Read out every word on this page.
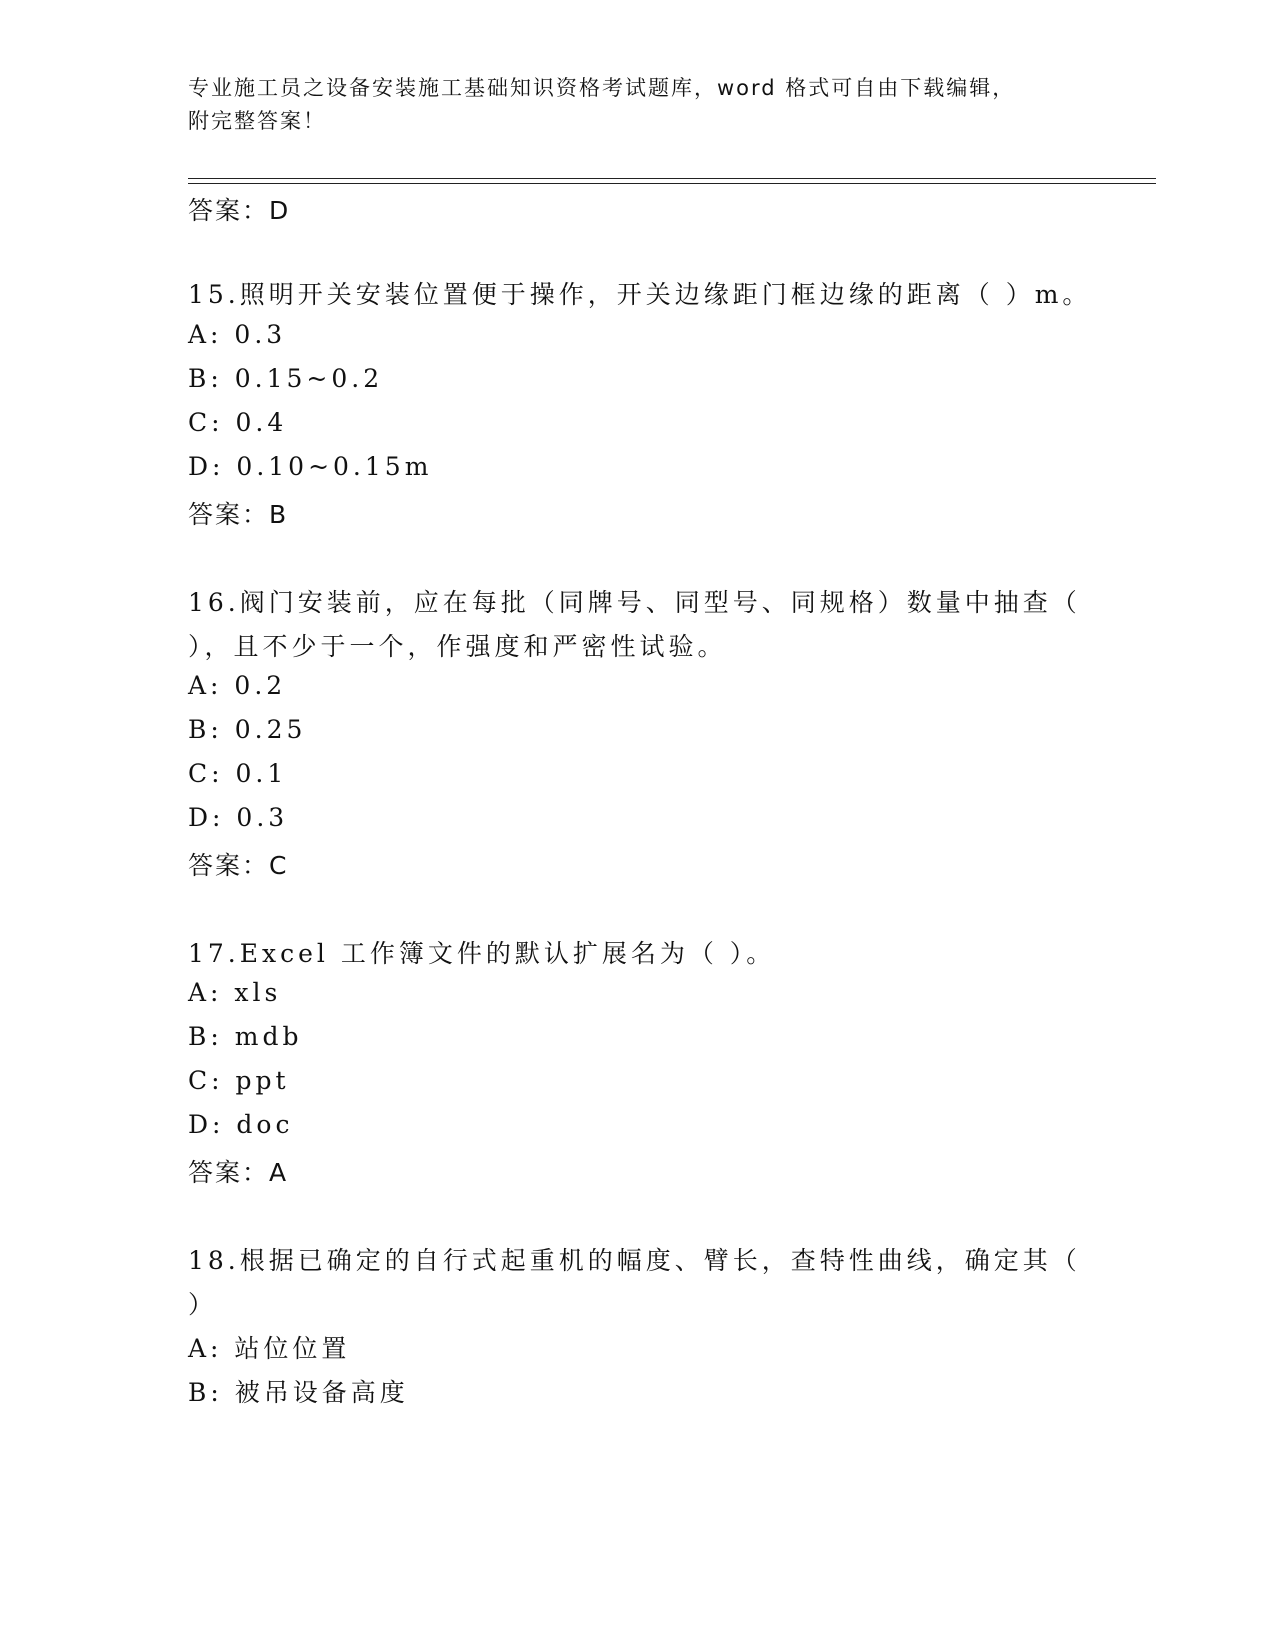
专业施工员之设备安装施工基础知识资格考试题库，word 格式可自由下载编辑，
附完整答案！
答案：D
15.照明开关安装位置便于操作，开关边缘距门框边缘的距离（ ）m。
A: 0.3
B: 0.15~0.2
C: 0.4
D: 0.10~0.15m
答案：B
16.阀门安装前，应在每批（同牌号、同型号、同规格）数量中抽查（
），且不少于一个，作强度和严密性试验。
A: 0.2
B: 0.25
C: 0.1
D: 0.3
答案：C
17.Excel 工作簿文件的默认扩展名为（ ）。
A: xls
B: mdb
C: ppt
D: doc
答案：A
18.根据已确定的自行式起重机的幅度、臂长，查特性曲线，确定其（
）
A: 站位位置
B: 被吊设备高度
